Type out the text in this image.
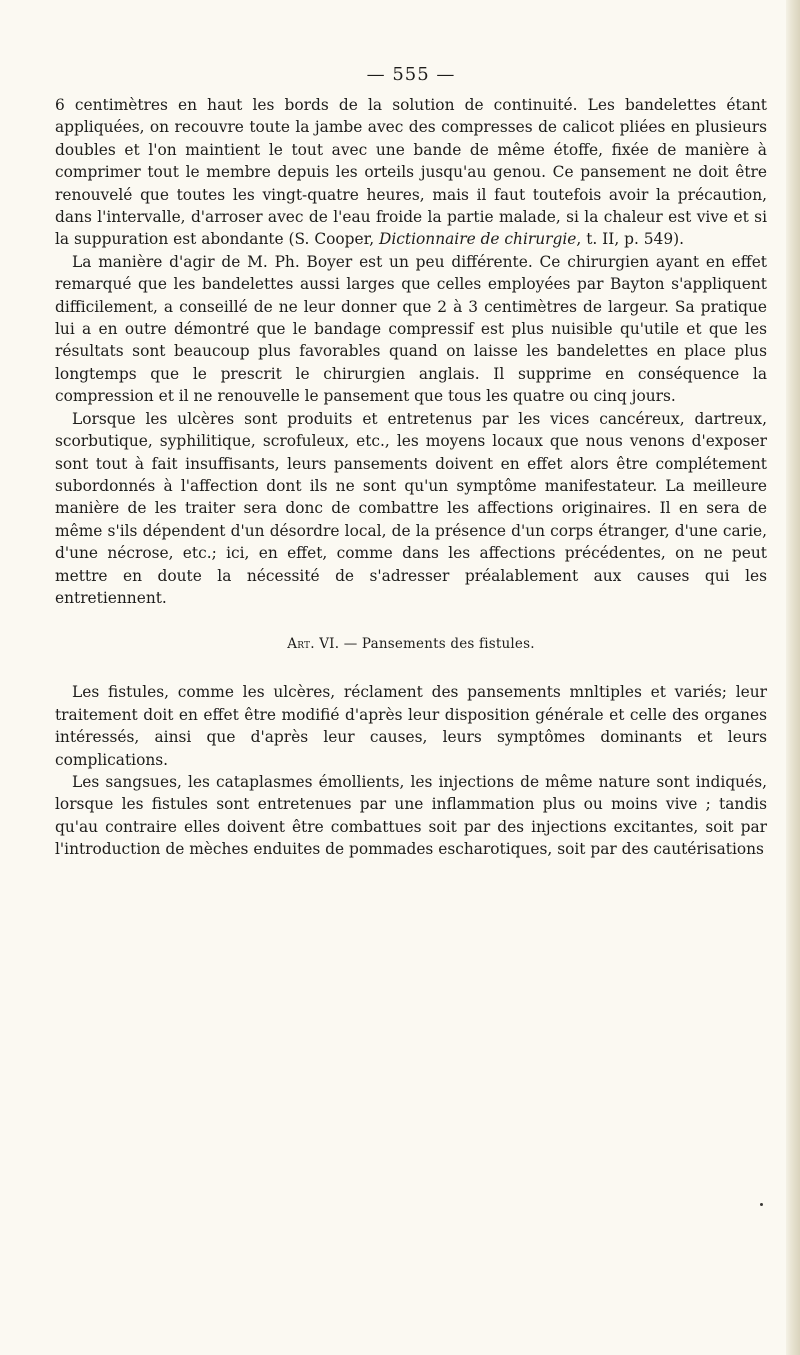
— 555 —

6 centimètres en haut les bords de la solution de continuité. Les bandelettes étant appliquées, on recouvre toute la jambe avec des compresses de calicot pliées en plusieurs doubles et l'on maintient le tout avec une bande de même étoffe, fixée de manière à comprimer tout le membre depuis les orteils jusqu'au genou. Ce pansement ne doit être renouvelé que toutes les vingt-quatre heures, mais il faut toutefois avoir la précaution, dans l'intervalle, d'arroser avec de l'eau froide la partie malade, si la chaleur est vive et si la suppuration est abondante (S. Cooper, Dictionnaire de chirurgie, t. II, p. 549).

La manière d'agir de M. Ph. Boyer est un peu différente. Ce chirurgien ayant en effet remarqué que les bandelettes aussi larges que celles employées par Bayton s'appliquent difficilement, a conseillé de ne leur donner que 2 à 3 centimètres de largeur. Sa pratique lui a en outre démontré que le bandage compressif est plus nuisible qu'utile et que les résultats sont beaucoup plus favorables quand on laisse les bandelettes en place plus longtemps que le prescrit le chirurgien anglais. Il supprime en conséquence la compression et il ne renouvelle le pansement que tous les quatre ou cinq jours.

Lorsque les ulcères sont produits et entretenus par les vices cancéreux, dartreux, scorbutique, syphilitique, scrofuleux, etc., les moyens locaux que nous venons d'exposer sont tout à fait insuffisants, leurs pansements doivent en effet alors être complétement subordonnés à l'affection dont ils ne sont qu'un symptôme manifestateur. La meilleure manière de les traiter sera donc de combattre les affections originaires. Il en sera de même s'ils dépendent d'un désordre local, de la présence d'un corps étranger, d'une carie, d'une nécrose, etc.; ici, en effet, comme dans les affections précédentes, on ne peut mettre en doute la nécessité de s'adresser préalablement aux causes qui les entretiennent.

Art. VI. — Pansements des fistules.

Les fistules, comme les ulcères, réclament des pansements mnltiples et variés; leur traitement doit en effet être modifié d'après leur disposition générale et celle des organes intéressés, ainsi que d'après leur causes, leurs symptômes dominants et leurs complications.

Les sangsues, les cataplasmes émollients, les injections de même nature sont indiqués, lorsque les fistules sont entretenues par une inflammation plus ou moins vive ; tandis qu'au contraire elles doivent être combattues soit par des injections excitantes, soit par l'introduction de mèches enduites de pommades escharotiques, soit par des cautérisations
